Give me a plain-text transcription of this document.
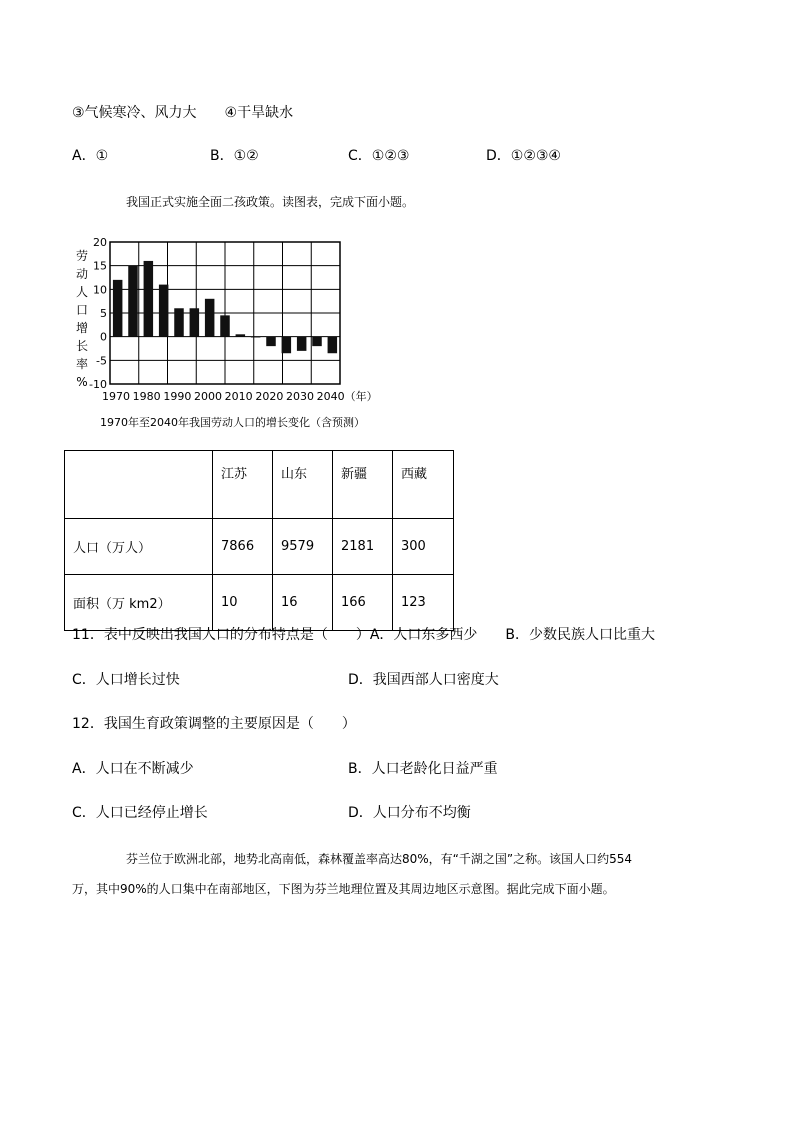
③气候寒冷、风力大　　④干旱缺水
A．①	B．①②	C．①②③	D．①②③④
我国正式实施全面二孩政策。读图表，完成下面小题。
20
15
10
5
0
-5
-10
劳
动
人
口
增
长
率
%
1970 1980 1990 2000 2010 2020 2030 2040（年）
1970年至2040年我国劳动人口的增长变化（含预测）
	江苏	山东	新疆	西藏
人口（万人）	7866	9579	2181	300
面积（万 km2）	10	16	166	123
11．表中反映出我国人口的分布特点是（　　）A．人口东多西少　　B．少数民族人口比重大
C．人口增长过快	D．我国西部人口密度大
12．我国生育政策调整的主要原因是（　　）
A．人口在不断减少	B．人口老龄化日益严重
C．人口已经停止增长	D．人口分布不均衡
芬兰位于欧洲北部，地势北高南低，森林覆盖率高达80%，有“千湖之国”之称。该国人口约554
万，其中90%的人口集中在南部地区，下图为芬兰地理位置及其周边地区示意图。据此完成下面小题。
